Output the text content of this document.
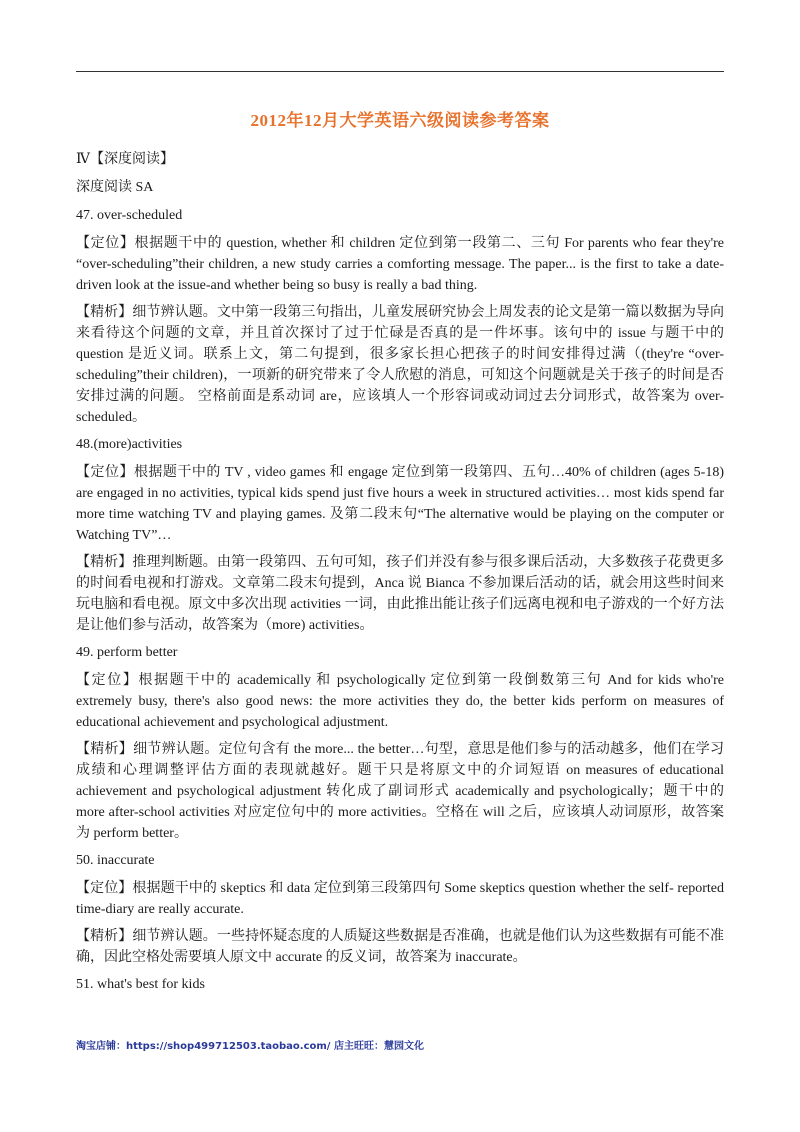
2012年12月大学英语六级阅读参考答案

Ⅳ【深度阅读】

深度阅读 SA

47. over-scheduled

【定位】根据题干中的 question, whether 和 children 定位到第一段第二、三句 For parents who fear they're “over-scheduling”their children, a new study carries a comforting message. The paper... is the first to take a date-driven look at the issue-and whether being so busy is really a bad thing.

【精析】细节辨认题。文中第一段第三句指出，儿童发展研究协会上周发表的论文是第一篇以数据为导向来看待这个问题的文章，并且首次探讨了过于忙碌是否真的是一件坏事。该句中的 issue 与题干中的 question 是近义词。联系上文，第二句提到，很多家长担心把孩子的时间安排得过满（(they're “over-scheduling”their children)，一项新的研究带来了令人欣慰的消息，可知这个问题就是关于孩子的时间是否安排过满的问题。 空格前面是系动词 are，应该填人一个形容词或动词过去分词形式，故答案为 over-scheduled。

48.(more)activities

【定位】根据题干中的 TV , video games 和 engage 定位到第一段第四、五句…40% of children (ages 5-18) are engaged in no activities, typical kids spend just five hours a week in structured activities… most kids spend far more time watching TV and playing games. 及第二段末句“The alternative would be playing on the computer or Watching TV”…

【精析】推理判断题。由第一段第四、五句可知，孩子们并没有参与很多课后活动，大多数孩子花费更多的时间看电视和打游戏。文章第二段末句提到，Anca 说 Bianca 不参加课后活动的话，就会用这些时间来玩电脑和看电视。原文中多次出现 activities 一词，由此推出能让孩子们远离电视和电子游戏的一个好方法是让他们参与活动，故答案为（more) activities。

49. perform better

【定位】根据题干中的 academically 和 psychologically 定位到第一段倒数第三句 And for kids who're extremely busy, there's also good news: the more activities they do, the better kids perform on measures of educational achievement and psychological adjustment.

【精析】细节辨认题。定位句含有 the more... the better…句型，意思是他们参与的活动越多，他们在学习成绩和心理调整评估方面的表现就越好。题干只是将原文中的介词短语 on measures of educational achievement and psychological adjustment 转化成了副词形式 academically and psychologically；题干中的 more after-school activities 对应定位句中的 more activities。空格在 will 之后，应该填人动词原形，故答案为 perform better。

50. inaccurate

【定位】根据题干中的 skeptics 和 data 定位到第三段第四句 Some skeptics question whether the self- reported time-diary are really accurate.

【精析】细节辨认题。一些持怀疑态度的人质疑这些数据是否准确，也就是他们认为这些数据有可能不准确，因此空格处需要填人原文中 accurate 的反义词，故答案为 inaccurate。

51. what's best for kids

淘宝店铺：https://shop499712503.taobao.com/ 店主旺旺：慧园文化
